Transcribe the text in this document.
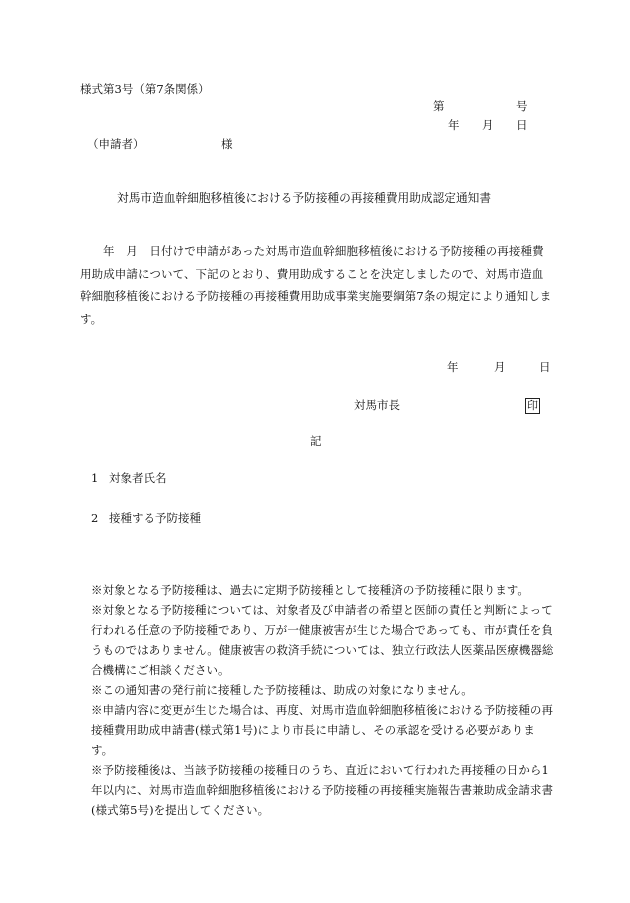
様式第3号（第7条関係）
第	号
年 月 日
（申請者）	様
対馬市造血幹細胞移植後における予防接種の再接種費用助成認定通知書
年　月　日付けで申請があった対馬市造血幹細胞移植後における予防接種の再接種費用助成申請について、下記のとおり、費用助成することを決定しましたので、対馬市造血幹細胞移植後における予防接種の再接種費用助成事業実施要綱第7条の規定により通知します。
年	月	日
対馬市長	印
記
1 対象者氏名
2 接種する予防接種
※対象となる予防接種は、過去に定期予防接種として接種済の予防接種に限ります。
※対象となる予防接種については、対象者及び申請者の希望と医師の責任と判断によって行われる任意の予防接種であり、万が一健康被害が生じた場合であっても、市が責任を負うものではありません。健康被害の救済手続については、独立行政法人医薬品医療機器総合機構にご相談ください。
※この通知書の発行前に接種した予防接種は、助成の対象になりません。
※申請内容に変更が生じた場合は、再度、対馬市造血幹細胞移植後における予防接種の再接種費用助成申請書(様式第1号)により市長に申請し、その承認を受ける必要があります。
※予防接種後は、当該予防接種の接種日のうち、直近において行われた再接種の日から1年以内に、対馬市造血幹細胞移植後における予防接種の再接種実施報告書兼助成金請求書(様式第5号)を提出してください。
